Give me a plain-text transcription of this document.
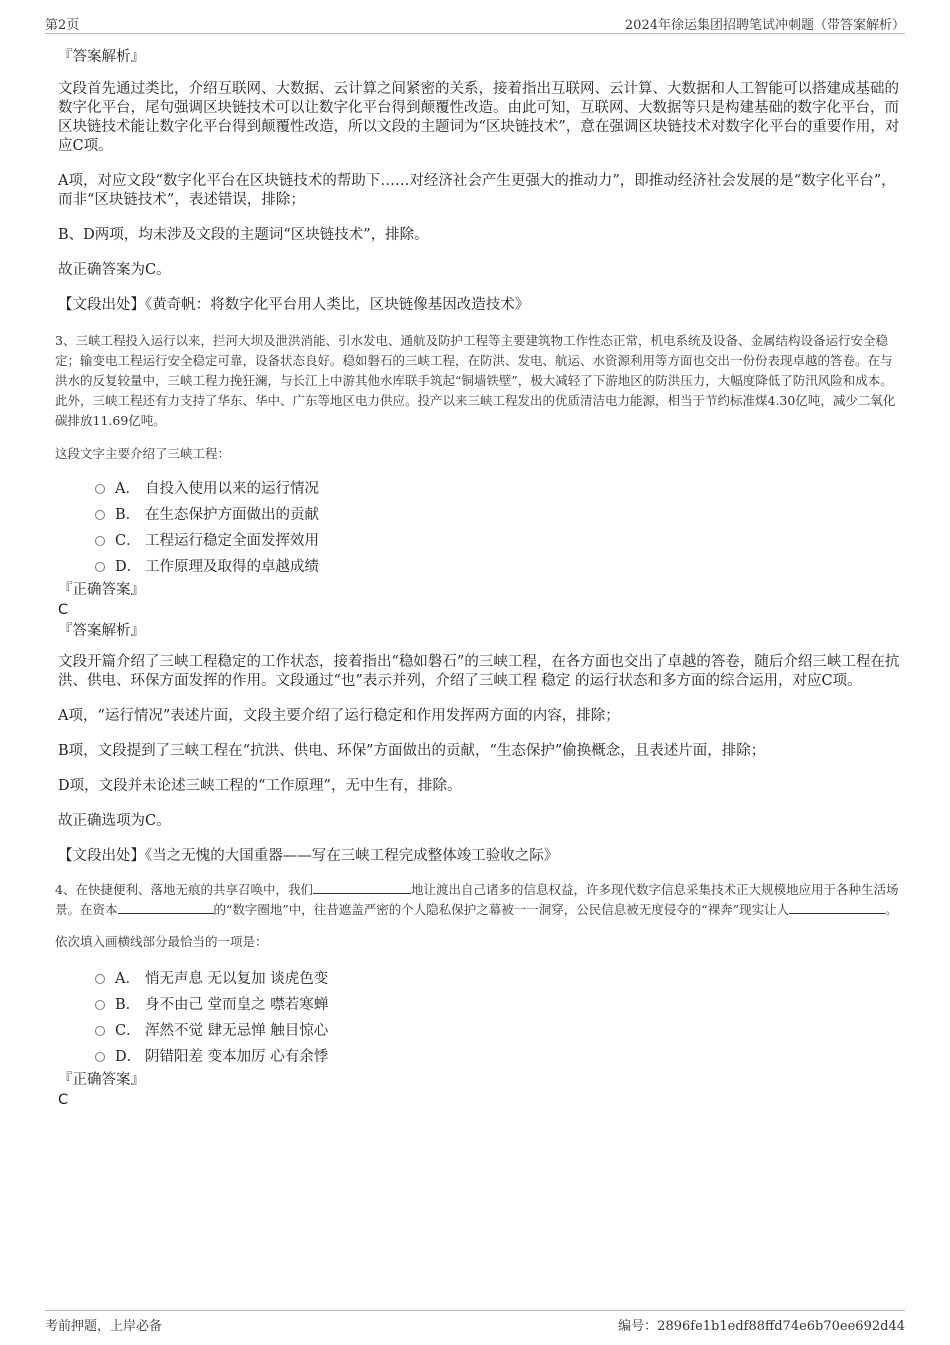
第2页	2024年徐运集团招聘笔试冲刺题（带答案解析）
『答案解析』
文段首先通过类比，介绍互联网、大数据、云计算之间紧密的关系，接着指出互联网、云计算、大数据和人工智能可以搭建成基础的数字化平台，尾句强调区块链技术可以让数字化平台得到颠覆性改造。由此可知，互联网、大数据等只是构建基础的数字化平台，而区块链技术能让数字化平台得到颠覆性改造，所以文段的主题词为“区块链技术”，意在强调区块链技术对数字化平台的重要作用，对应C项。
A项，对应文段“数字化平台在区块链技术的帮助下……对经济社会产生更强大的推动力”，即推动经济社会发展的是“数字化平台”，而非“区块链技术”，表述错误，排除；
B、D两项，均未涉及文段的主题词“区块链技术”，排除。
故正确答案为C。
【文段出处】《黄奇帆：将数字化平台用人类比，区块链像基因改造技术》
3、三峡工程投入运行以来，拦河大坝及泄洪消能、引水发电、通航及防护工程等主要建筑物工作性态正常，机电系统及设备、金属结构设备运行安全稳定；输变电工程运行安全稳定可靠，设备状态良好。稳如磐石的三峡工程，在防洪、发电、航运、水资源利用等方面也交出一份份表现卓越的答卷。在与洪水的反复较量中，三峡工程力挽狂澜，与长江上中游其他水库联手筑起“铜墙铁壁”，极大减轻了下游地区的防洪压力，大幅度降低了防汛风险和成本。此外，三峡工程还有力支持了华东、华中、广东等地区电力供应。投产以来三峡工程发出的优质清洁电力能源，相当于节约标准煤4.30亿吨，减少二氧化碳排放11.69亿吨。
这段文字主要介绍了三峡工程：
A． 自投入使用以来的运行情况
B． 在生态保护方面做出的贡献
C． 工程运行稳定全面发挥效用
D． 工作原理及取得的卓越成绩
『正确答案』
C
『答案解析』
文段开篇介绍了三峡工程稳定的工作状态，接着指出“稳如磐石”的三峡工程，在各方面也交出了卓越的答卷，随后介绍三峡工程在抗洪、供电、环保方面发挥的作用。文段通过“也”表示并列，介绍了三峡工程 稳定 的运行状态和多方面的综合运用，对应C项。
A项，“运行情况”表述片面，文段主要介绍了运行稳定和作用发挥两方面的内容，排除；
B项，文段提到了三峡工程在“抗洪、供电、环保”方面做出的贡献，“生态保护”偷换概念，且表述片面，排除；
D项，文段并未论述三峡工程的“工作原理”，无中生有，排除。
故正确选项为C。
【文段出处】《当之无愧的大国重器——写在三峡工程完成整体竣工验收之际》
4、在快捷便利、落地无痕的共享召唤中，我们	地让渡出自己诸多的信息权益，许多现代数字信息采集技术正大规模地应用于各种生活场景。在资本	的“数字圈地”中，往昔遮盖严密的个人隐私保护之幕被一一洞穿，公民信息被无度侵夺的“裸奔”现实让人	。
依次填入画横线部分最恰当的一项是：
A． 悄无声息 无以复加 谈虎色变
B． 身不由己 堂而皇之 噤若寒蝉
C． 浑然不觉 肆无忌惮 触目惊心
D． 阴错阳差 变本加厉 心有余悸
『正确答案』
C
考前押题，上岸必备	编号：2896fe1b1edf88ffd74e6b70ee692d44
